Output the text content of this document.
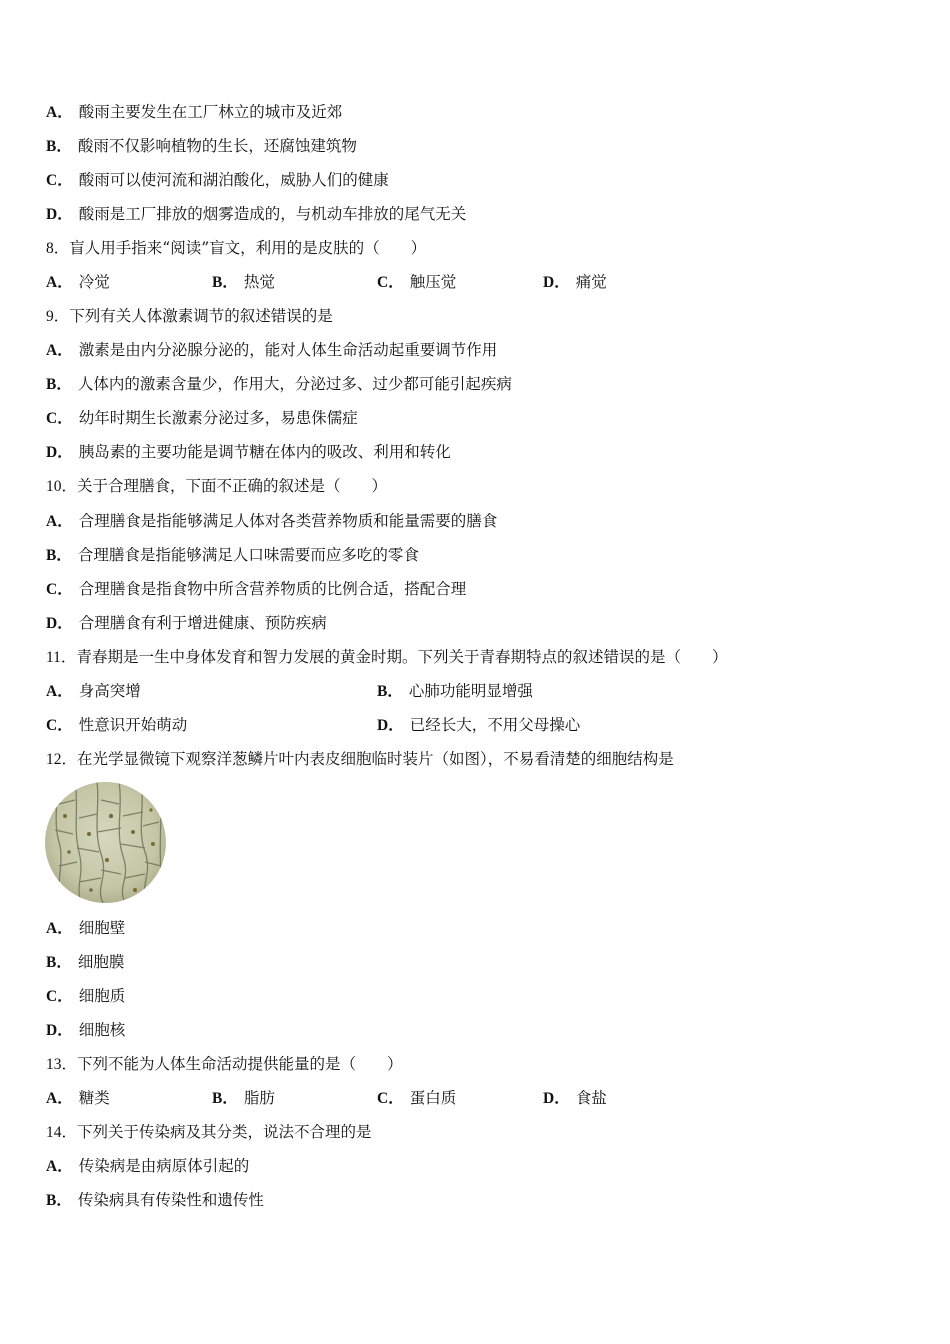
A． 酸雨主要发生在工厂林立的城市及近郊
B． 酸雨不仅影响植物的生长，还腐蚀建筑物
C． 酸雨可以使河流和湖泊酸化，威胁人们的健康
D． 酸雨是工厂排放的烟雾造成的，与机动车排放的尾气无关
8．盲人用手指来“阅读”盲文，利用的是皮肤的（　　）
A． 冷觉	B． 热觉	C． 触压觉	D． 痛觉
9．下列有关人体激素调节的叙述错误的是
A． 激素是由内分泌腺分泌的，能对人体生命活动起重要调节作用
B． 人体内的激素含量少，作用大，分泌过多、过少都可能引起疾病
C． 幼年时期生长激素分泌过多，易患侏儒症
D． 胰岛素的主要功能是调节糖在体内的吸改、利用和转化
10．关于合理膳食，下面不正确的叙述是（　　）
A． 合理膳食是指能够满足人体对各类营养物质和能量需要的膳食
B． 合理膳食是指能够满足人口味需要而应多吃的零食
C． 合理膳食是指食物中所含营养物质的比例合适，搭配合理
D． 合理膳食有利于增进健康、预防疾病
11．青春期是一生中身体发育和智力发展的黄金时期。下列关于青春期特点的叙述错误的是（　　）
A． 身高突增	B． 心肺功能明显增强
C． 性意识开始萌动	D． 已经长大，不用父母操心
12．在光学显微镜下观察洋葱鳞片叶内表皮细胞临时装片（如图），不易看清楚的细胞结构是
A． 细胞壁
B． 细胞膜
C． 细胞质
D． 细胞核
13．下列不能为人体生命活动提供能量的是（　　）
A． 糖类	B． 脂肪	C． 蛋白质	D． 食盐
14．下列关于传染病及其分类，说法不合理的是
A． 传染病是由病原体引起的
B． 传染病具有传染性和遗传性
